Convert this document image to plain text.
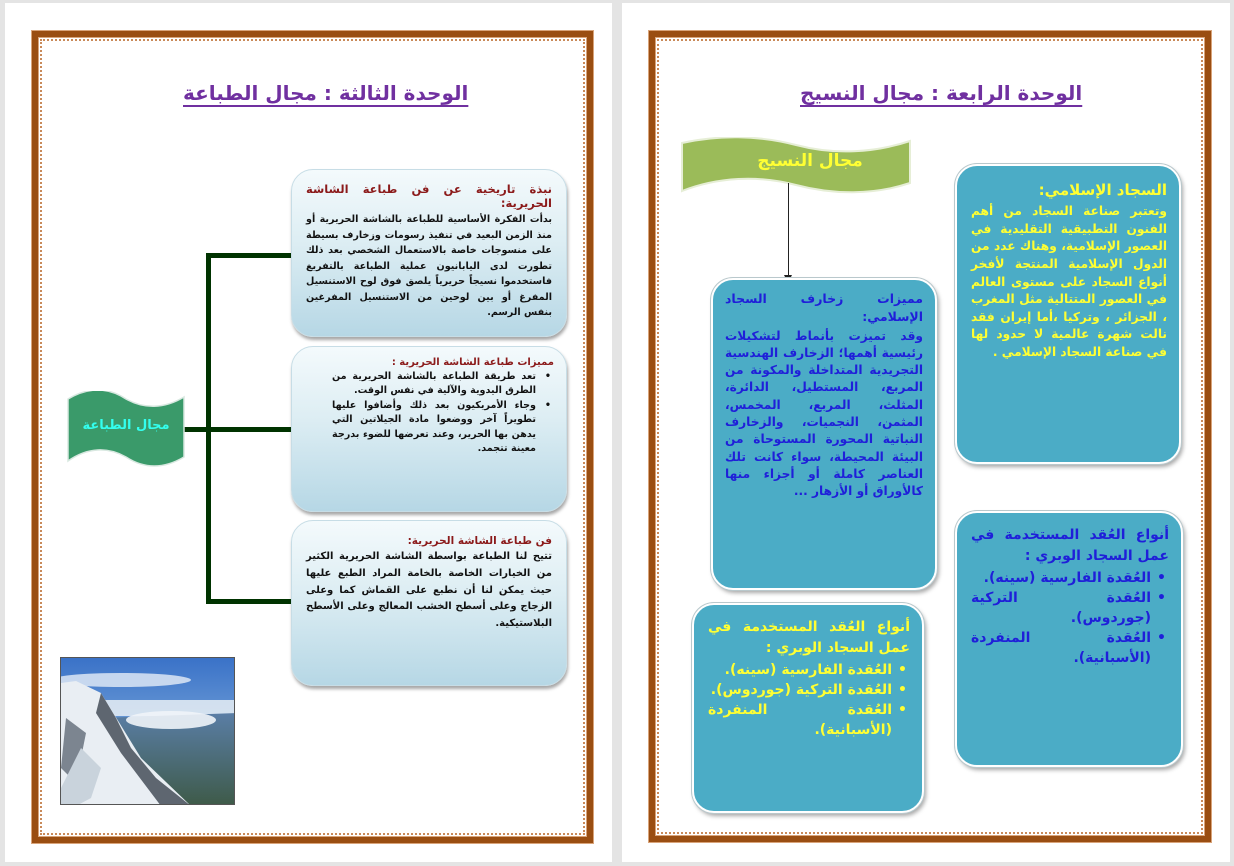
الوحدة الثالثة : مجال الطباعة
مجال الطباعة
نبذة تاريخية عن فن طباعة الشاشة الحريرية:

بدأت الفكرة الأساسية للطباعة بالشاشة الحريرية أو منذ الزمن البعيد في تنفيذ رسومات وزخارف بسيطة على منسوجات خاصة بالاستعمال الشخصي بعد ذلك تطورت لدى اليابانيون عملية الطباعة بالتفريغ فاستخدموا نسيجاً حريرياً يلصق فوق لوح الاستنسيل المفرغ أو بين لوحين من الاستنسيل المفرغين بنفس الرسم.

مميزات طباعة الشاشة الحريرية :
• تعد طريقة الطباعة بالشاشة الحريرية من الطرق اليدوية والآلية في نفس الوقت.
• وجاء الأمريكيون بعد ذلك وأضافوا عليها تطويراً آخر ووضعوا مادة الجيلاتين التي يدهن بها الحرير، وعند تعرضها للضوء بدرجة معينة تتجمد.
فن طباعة الشاشة الحريرية:

تتيح لنا الطباعة بواسطة الشاشة الحريرية الكثير من الخيارات الخاصة بالخامة المراد الطبع عليها حيث يمكن لنا أن نطبع على القماش كما وعلى الزجاج وعلى أسطح الخشب المعالج وعلى الأسطح البلاستيكية.

الوحدة الرابعة : مجال النسيج
مجال النسيج
السجاد الإسلامي:

وتعتبر صناعة السجاد من أهم الفنون التطبيقية التقليدية في العصور الإسلامية، وهناك عدد من الدول الإسلامية المنتجة لأفخر أنواع السجاد على مستوى العالم في العصور المتتالية مثل المغرب ، الجزائر ، وتركيا ،أما إيران فقد نالت شهرة عالمية لا حدود لها في صناعة السجاد الإسلامي .

مميزات زخارف السجاد الإسلامي:

وقد تميزت بأنماط لتشكيلات رئيسية أهمها؛ الزخارف الهندسية التجريدية المتداخلة والمكونة من المربع، المستطيل، الدائرة، المثلث، المربع، المخمس، المثمن، النجميات، والزخارف النباتية المحورة المستوحاة من البيئة المحيطة، سواء كانت تلك العناصر كاملة أو أجزاء منها كالأوراق أو الأزهار ...

أنواع العُقد المستخدمة في عمل السجاد الوبري :
• العُقدة الفارسية (سينه).
• العُقدة التركية (جوردوس).
• العُقدة المنفردة (الأسبانية).
أنواع العُقد المستخدمة في عمل السجاد الوبري :
• العُقدة الفارسية (سينه).
• العُقدة التركية (جوردوس).
• العُقدة المنفردة (الأسبانية).
